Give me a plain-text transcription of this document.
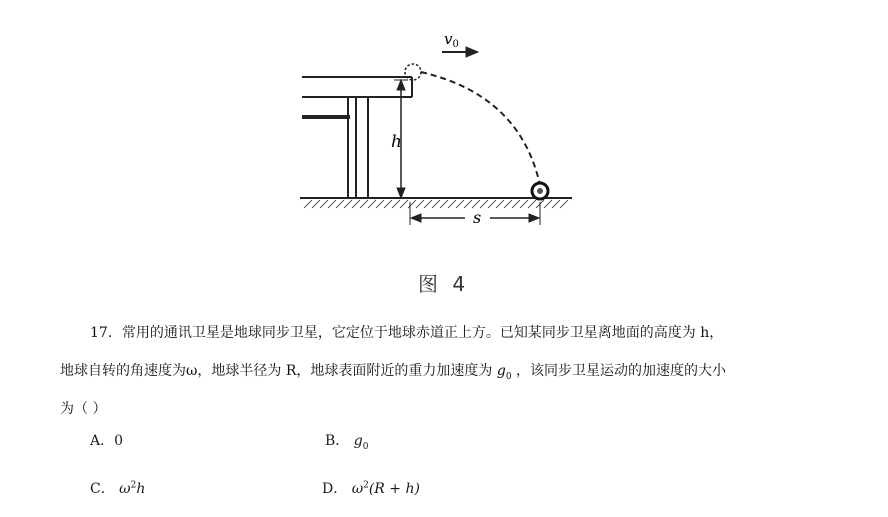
h
$v_0$
s
图 4
17．常用的通讯卫星是地球同步卫星，它定位于地球赤道正上方。已知某同步卫星离地面的高度为 h，
地球自转的角速度为ω，地球半径为 R，地球表面附近的重力加速度为 $g_0$ ，该同步卫星运动的加速度的大小
为（ ）
A．0	B． $g_0$
C． $\omega^2h$	D． $\omega^2(R + h)$
